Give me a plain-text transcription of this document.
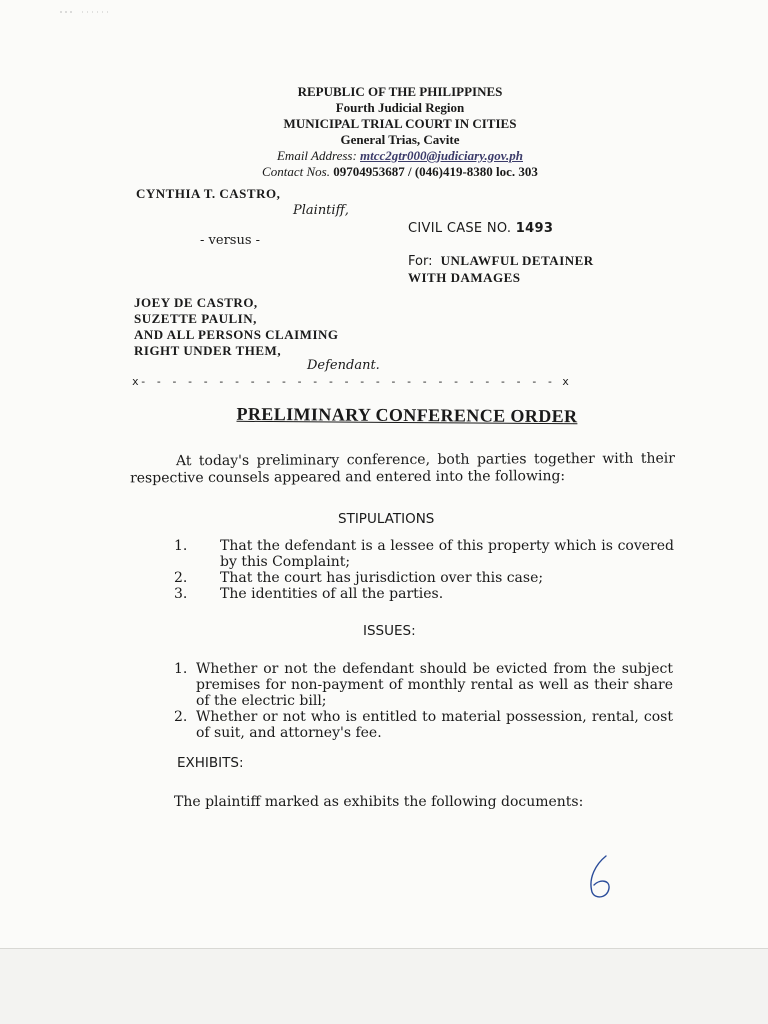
REPUBLIC OF THE PHILIPPINES
Fourth Judicial Region
MUNICIPAL TRIAL COURT IN CITIES
General Trias, Cavite
Email Address: mtcc2gtr000@judiciary.gov.ph
Contact Nos. 09704953687 / (046)419-8380 loc. 303
CYNTHIA T. CASTRO,
Plaintiff,
CIVIL CASE NO. 1493
- versus -
For: UNLAWFUL DETAINER
WITH DAMAGES
JOEY DE CASTRO,
SUZETTE PAULIN,
AND ALL PERSONS CLAIMING
RIGHT UNDER THEM,
Defendant.
x- - - - - - - - - - - - - - - - - - - - - - - - - - - x
PRELIMINARY CONFERENCE ORDER
At today's preliminary conference, both parties together with their respective counsels appeared and entered into the following:
STIPULATIONS
1.	That the defendant is a lessee of this property which is covered by this Complaint;
2.	That the court has jurisdiction over this case;
3.	The identities of all the parties.
ISSUES:
1. Whether or not the defendant should be evicted from the subject premises for non-payment of monthly rental as well as their share of the electric bill;
2. Whether or not who is entitled to material possession, rental, cost of suit, and attorney's fee.
EXHIBITS:
The plaintiff marked as exhibits the following documents:
